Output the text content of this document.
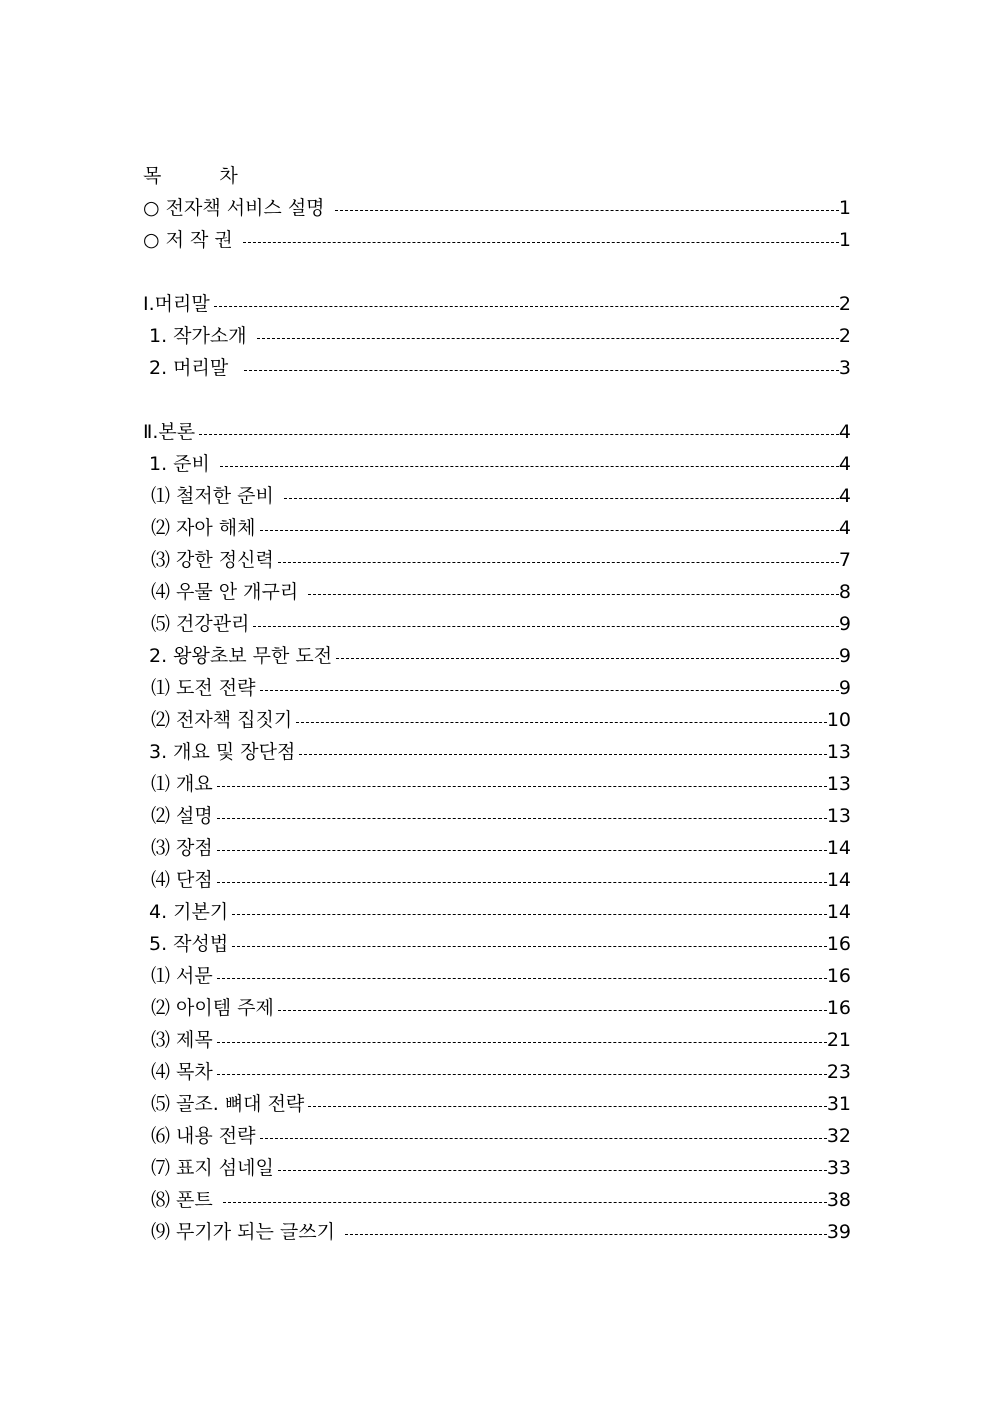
목 차
○ 전자책 서비스 설명	1
○ 저 작 권	1
Ⅰ.머리말	2
1. 작가소개	2
2. 머리말	3
Ⅱ.본론	4
1. 준비	4
⑴ 철저한 준비	4
⑵ 자아 해체	4
⑶ 강한 정신력	7
⑷ 우물 안 개구리	8
⑸ 건강관리	9
2. 왕왕초보 무한 도전	9
⑴ 도전 전략	9
⑵ 전자책 집짓기	10
3. 개요 및 장단점	13
⑴ 개요	13
⑵ 설명	13
⑶ 장점	14
⑷ 단점	14
4. 기본기	14
5. 작성법	16
⑴ 서문	16
⑵ 아이템 주제	16
⑶ 제목	21
⑷ 목차	23
⑸ 골조. 뼈대 전략	31
⑹ 내용 전략	32
⑺ 표지 섬네일	33
⑻ 폰트	38
⑼ 무기가 되는 글쓰기	39
